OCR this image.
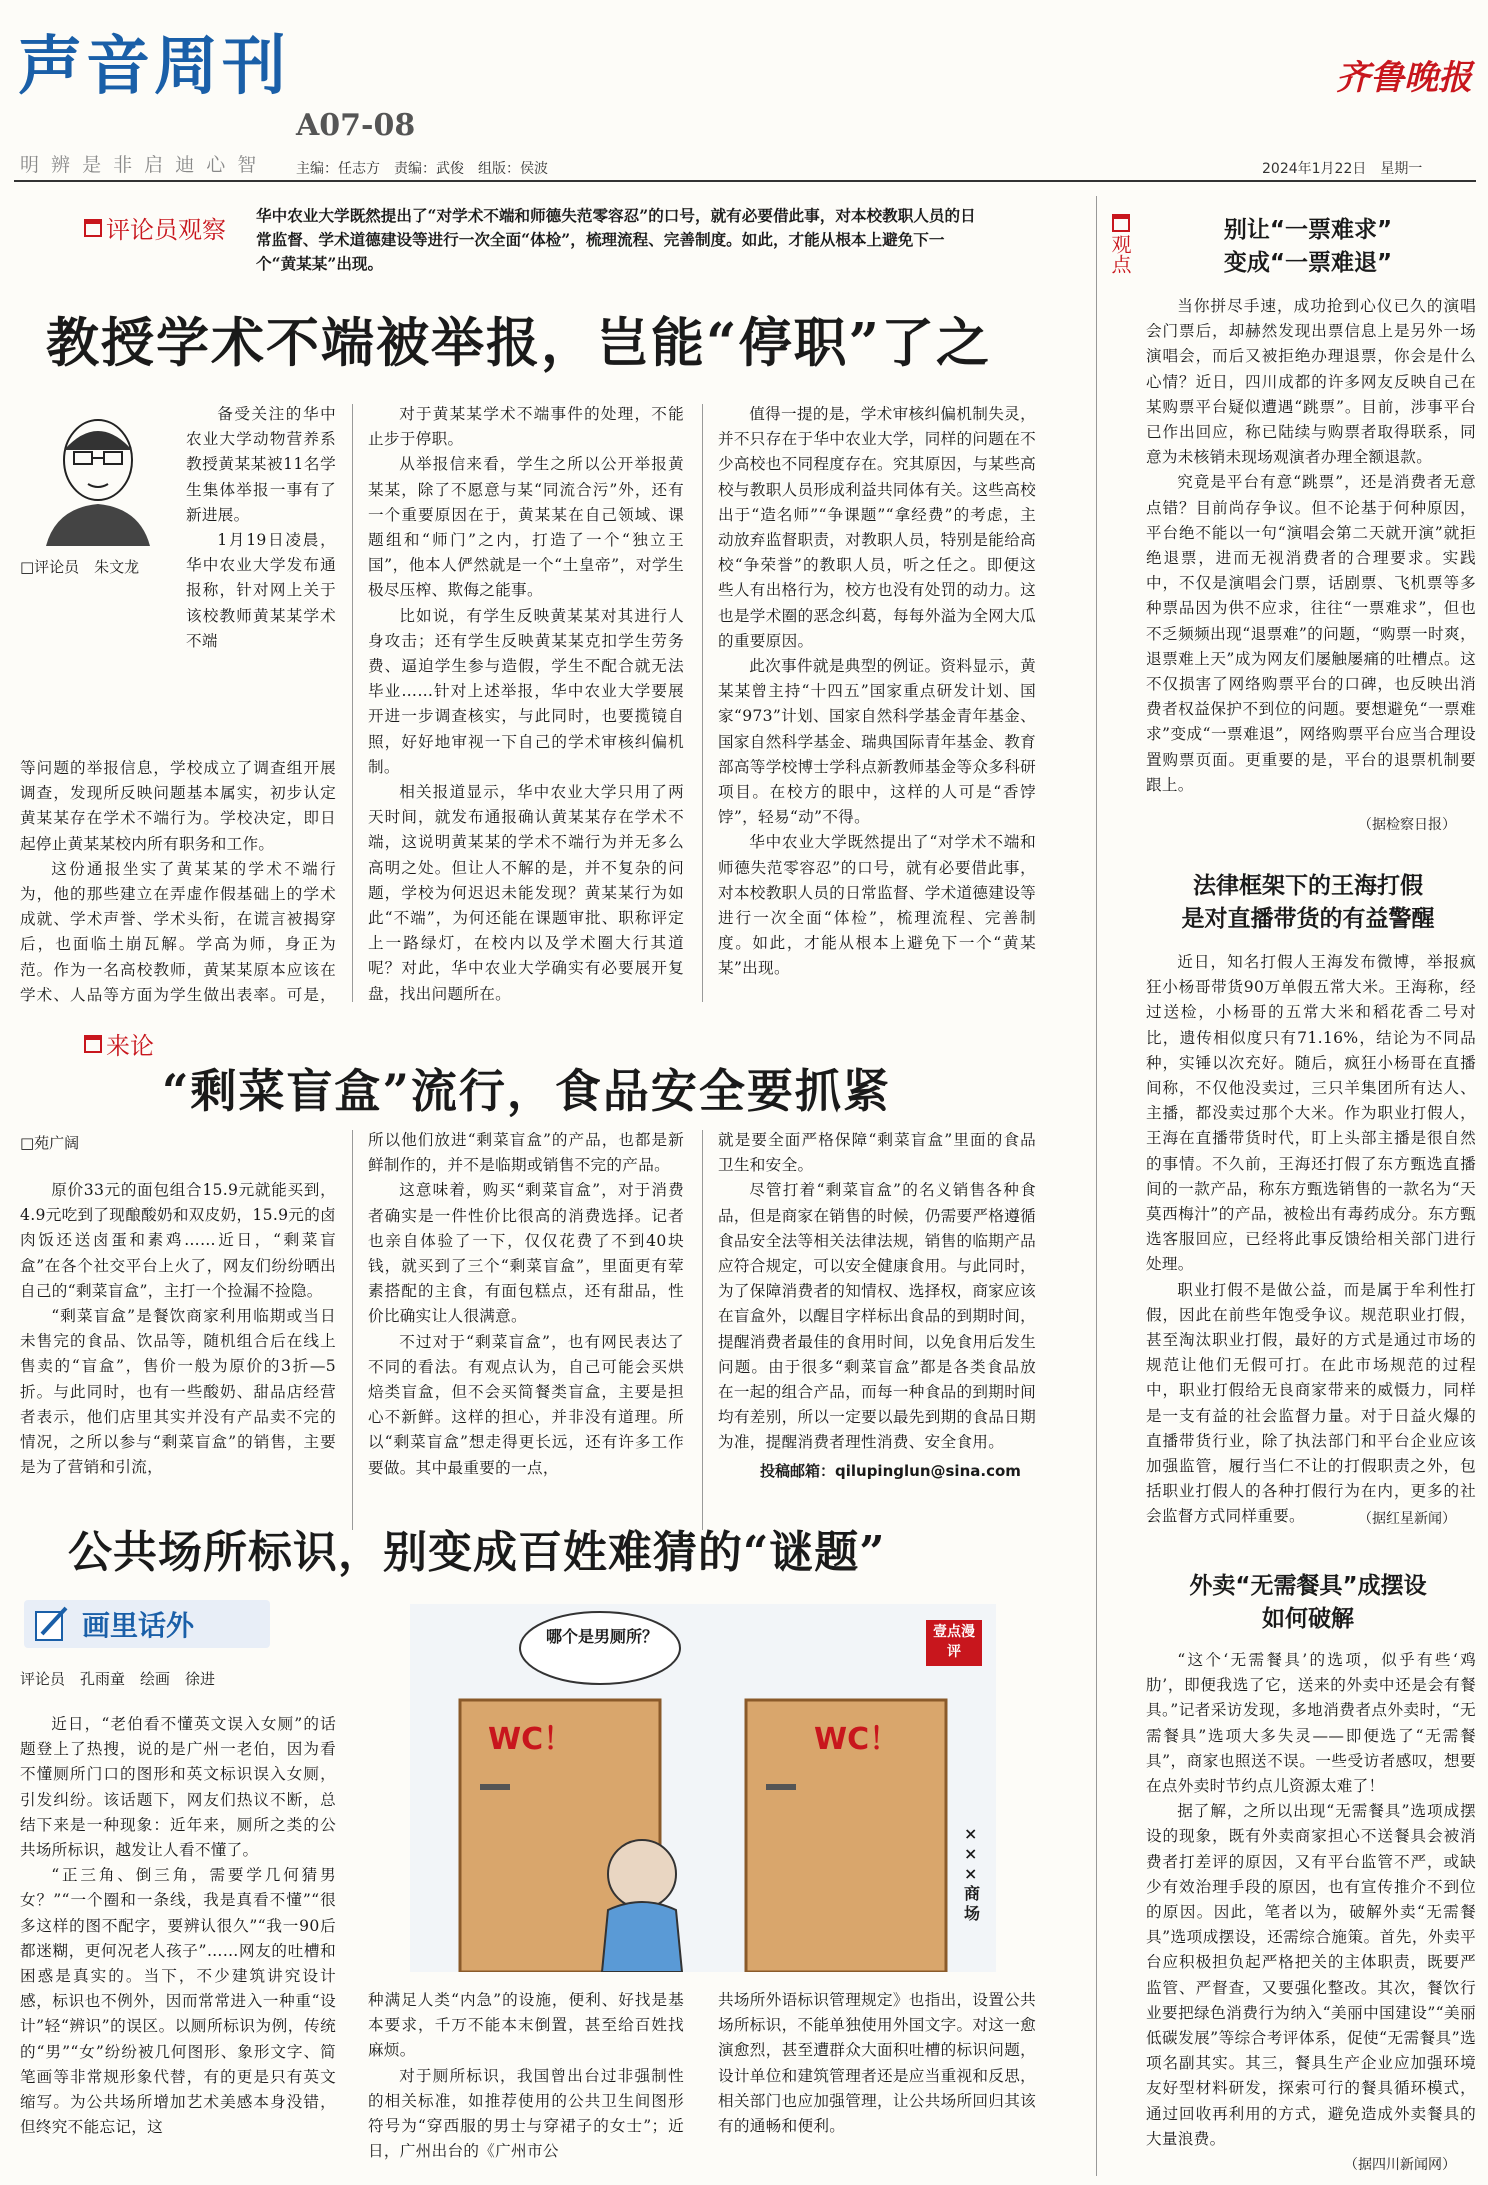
声音周刊
明 辨 是 非 启 迪 心 智
A07-08
主编：任志方　责编：武俊　组版：侯波	2024年1月22日　星期一
齐鲁晚报
评论员观察
华中农业大学既然提出了“对学术不端和师德失范零容忍”的口号，就有必要借此事，对本校教职人员的日常监督、学术道德建设等进行一次全面“体检”，梳理流程、完善制度。如此，才能从根本上避免下一个“黄某某”出现。
教授学术不端被举报，岂能“停职”了之
□评论员　朱文龙

备受关注的华中农业大学动物营养系教授黄某某被11名学生集体举报一事有了新进展。

1月19日凌晨，华中农业大学发布通报称，针对网上关于该校教师黄某某学术不端

等问题的举报信息，学校成立了调查组开展调查，发现所反映问题基本属实，初步认定黄某某存在学术不端行为。学校决定，即日起停止黄某某校内所有职务和工作。

这份通报坐实了黄某某的学术不端行为，他的那些建立在弄虚作假基础上的学术成就、学术声誉、学术头衔，在谎言被揭穿后，也面临土崩瓦解。学高为师，身正为范。作为一名高校教师，黄某某原本应该在学术、人品等方面为学生做出表率。可是，

对于黄某某学术不端事件的处理，不能止步于停职。

从举报信来看，学生之所以公开举报黄某某，除了不愿意与某“同流合污”外，还有一个重要原因在于，黄某某在自己领域、课题组和“师门”之内，打造了一个“独立王国”，他本人俨然就是一个“土皇帝”，对学生极尽压榨、欺侮之能事。

比如说，有学生反映黄某某对其进行人身攻击；还有学生反映黄某某克扣学生劳务费、逼迫学生参与造假，学生不配合就无法毕业……针对上述举报，华中农业大学要展开进一步调查核实，与此同时，也要揽镜自照，好好地审视一下自己的学术审核纠偏机制。

相关报道显示，华中农业大学只用了两天时间，就发布通报确认黄某某存在学术不端，这说明黄某某的学术不端行为并无多么高明之处。但让人不解的是，并不复杂的问题，学校为何迟迟未能发现？黄某某行为如此“不端”，为何还能在课题审批、职称评定上一路绿灯，在校内以及学术圈大行其道呢？对此，华中农业大学确实有必要展开复盘，找出问题所在。

值得一提的是，学术审核纠偏机制失灵，并不只存在于华中农业大学，同样的问题在不少高校也不同程度存在。究其原因，与某些高校与教职人员形成利益共同体有关。这些高校出于“造名师”“争课题”“拿经费”的考虑，主动放弃监督职责，对教职人员，特别是能给高校“争荣誉”的教职人员，听之任之。即便这些人有出格行为，校方也没有处罚的动力。这也是学术圈的恶念纠葛，每每外溢为全网大瓜的重要原因。

此次事件就是典型的例证。资料显示，黄某某曾主持“十四五”国家重点研发计划、国家“973”计划、国家自然科学基金青年基金、国家自然科学基金、瑞典国际青年基金、教育部高等学校博士学科点新教师基金等众多科研项目。在校方的眼中，这样的人可是“香饽饽”，轻易“动”不得。

华中农业大学既然提出了“对学术不端和师德失范零容忍”的口号，就有必要借此事，对本校教职人员的日常监督、学术道德建设等进行一次全面“体检”，梳理流程、完善制度。如此，才能从根本上避免下一个“黄某某”出现。

来论
“剩菜盲盒”流行，食品安全要抓紧
□苑广阔

原价33元的面包组合15.9元就能买到，4.9元吃到了现酿酸奶和双皮奶，15.9元的卤肉饭还送卤蛋和素鸡……近日，“剩菜盲盒”在各个社交平台上火了，网友们纷纷晒出自己的“剩菜盲盒”，主打一个捡漏不捡隐。

“剩菜盲盒”是餐饮商家利用临期或当日未售完的食品、饮品等，随机组合后在线上售卖的“盲盒”，售价一般为原价的3折—5折。与此同时，也有一些酸奶、甜品店经营者表示，他们店里其实并没有产品卖不完的情况，之所以参与“剩菜盲盒”的销售，主要是为了营销和引流，

所以他们放进“剩菜盲盒”的产品，也都是新鲜制作的，并不是临期或销售不完的产品。

这意味着，购买“剩菜盲盒”，对于消费者确实是一件性价比很高的消费选择。记者也亲自体验了一下，仅仅花费了不到40块钱，就买到了三个“剩菜盲盒”，里面更有荤素搭配的主食，有面包糕点，还有甜品，性价比确实让人很满意。

不过对于“剩菜盲盒”，也有网民表达了不同的看法。有观点认为，自己可能会买烘焙类盲盒，但不会买简餐类盲盒，主要是担心不新鲜。这样的担心，并非没有道理。所以“剩菜盲盒”想走得更长远，还有许多工作要做。其中最重要的一点，

就是要全面严格保障“剩菜盲盒”里面的食品卫生和安全。

尽管打着“剩菜盲盒”的名义销售各种食品，但是商家在销售的时候，仍需要严格遵循食品安全法等相关法律法规，销售的临期产品应符合规定，可以安全健康食用。与此同时，为了保障消费者的知情权、选择权，商家应该在盲盒外，以醒目字样标出食品的到期时间，提醒消费者最佳的食用时间，以免食用后发生问题。由于很多“剩菜盲盒”都是各类食品放在一起的组合产品，而每一种食品的到期时间均有差别，所以一定要以最先到期的食品日期为准，提醒消费者理性消费、安全食用。

投稿邮箱：qilupinglun@sina.com
公共场所标识，别变成百姓难猜的“谜题”
画里话外
评论员　孔雨童　绘画　徐进
哪个是男厕所？
WC！	WC！
×××商场
壹点漫评

近日，“老伯看不懂英文误入女厕”的话题登上了热搜，说的是广州一老伯，因为看不懂厕所门口的图形和英文标识误入女厕，引发纠纷。该话题下，网友们热议不断，总结下来是一种现象：近年来，厕所之类的公共场所标识，越发让人看不懂了。

“正三角、倒三角，需要学几何猜男女？”“一个圈和一条线，我是真看不懂”“很多这样的图不配字，要辨认很久”“我一90后都迷糊，更何况老人孩子”……网友的吐槽和困惑是真实的。当下，不少建筑讲究设计感，标识也不例外，因而常常进入一种重“设计”轻“辨识”的误区。以厕所标识为例，传统的“男”“女”纷纷被几何图形、象形文字、简笔画等非常规形象代替，有的更是只有英文缩写。为公共场所增加艺术美感本身没错，但终究不能忘记，这

种满足人类“内急”的设施，便利、好找是基本要求，千万不能本末倒置，甚至给百姓找麻烦。

对于厕所标识，我国曾出台过非强制性的相关标准，如推荐使用的公共卫生间图形符号为“穿西服的男士与穿裙子的女士”；近日，广州出台的《广州市公

共场所外语标识管理规定》也指出，设置公共场所标识，不能单独使用外国文字。对这一愈演愈烈，甚至遭群众大面积吐槽的标识问题，设计单位和建筑管理者还是应当重视和反思，相关部门也应加强管理，让公共场所回归其该有的通畅和便利。

观点
别让“一票难求”
变成“一票难退”

当你拼尽手速，成功抢到心仪已久的演唱会门票后，却赫然发现出票信息上是另外一场演唱会，而后又被拒绝办理退票，你会是什么心情？近日，四川成都的许多网友反映自己在某购票平台疑似遭遇“跳票”。目前，涉事平台已作出回应，称已陆续与购票者取得联系，同意为未核销未现场观演者办理全额退款。

究竟是平台有意“跳票”，还是消费者无意点错？目前尚存争议。但不论基于何种原因，平台绝不能以一句“演唱会第二天就开演”就拒绝退票，进而无视消费者的合理要求。实践中，不仅是演唱会门票，话剧票、飞机票等多种票品因为供不应求，往往“一票难求”，但也不乏频频出现“退票难”的问题，“购票一时爽，退票难上天”成为网友们屡触屡痛的吐槽点。这不仅损害了网络购票平台的口碑，也反映出消费者权益保护不到位的问题。要想避免“一票难求”变成“一票难退”，网络购票平台应当合理设置购票页面。更重要的是，平台的退票机制要跟上。

（据检察日报）
法律框架下的王海打假
是对直播带货的有益警醒

近日，知名打假人王海发布微博，举报疯狂小杨哥带货90万单假五常大米。王海称，经过送检，小杨哥的五常大米和稻花香二号对比，遗传相似度只有71.16%，结论为不同品种，实锤以次充好。随后，疯狂小杨哥在直播间称，不仅他没卖过，三只羊集团所有达人、主播，都没卖过那个大米。作为职业打假人，王海在直播带货时代，盯上头部主播是很自然的事情。不久前，王海还打假了东方甄选直播间的一款产品，称东方甄选销售的一款名为“天莫西梅汁”的产品，被检出有毒药成分。东方甄选客服回应，已经将此事反馈给相关部门进行处理。

职业打假不是做公益，而是属于牟利性打假，因此在前些年饱受争议。规范职业打假，甚至淘汰职业打假，最好的方式是通过市场的规范让他们无假可打。在此市场规范的过程中，职业打假给无良商家带来的威慑力，同样是一支有益的社会监督力量。对于日益火爆的直播带货行业，除了执法部门和平台企业应该加强监管，履行当仁不让的打假职责之外，包括职业打假人的各种打假行为在内，更多的社会监督方式同样重要。	（据红星新闻）
外卖“无需餐具”成摆设
如何破解

“这个‘无需餐具’的选项，似乎有些‘鸡肋’，即便我选了它，送来的外卖中还是会有餐具。”记者采访发现，多地消费者点外卖时，“无需餐具”选项大多失灵——即便选了“无需餐具”，商家也照送不误。一些受访者感叹，想要在点外卖时节约点儿资源太难了！

据了解，之所以出现“无需餐具”选项成摆设的现象，既有外卖商家担心不送餐具会被消费者打差评的原因，又有平台监管不严，或缺少有效治理手段的原因，也有宣传推介不到位的原因。因此，笔者以为，破解外卖“无需餐具”选项成摆设，还需综合施策。首先，外卖平台应积极担负起严格把关的主体职责，既要严监管、严督查，又要强化整改。其次，餐饮行业要把绿色消费行为纳入“美丽中国建设”“美丽低碳发展”等综合考评体系，促使“无需餐具”选项名副其实。其三，餐具生产企业应加强环境友好型材料研发，探索可行的餐具循环模式，通过回收再利用的方式，避免造成外卖餐具的大量浪费。

（据四川新闻网）
